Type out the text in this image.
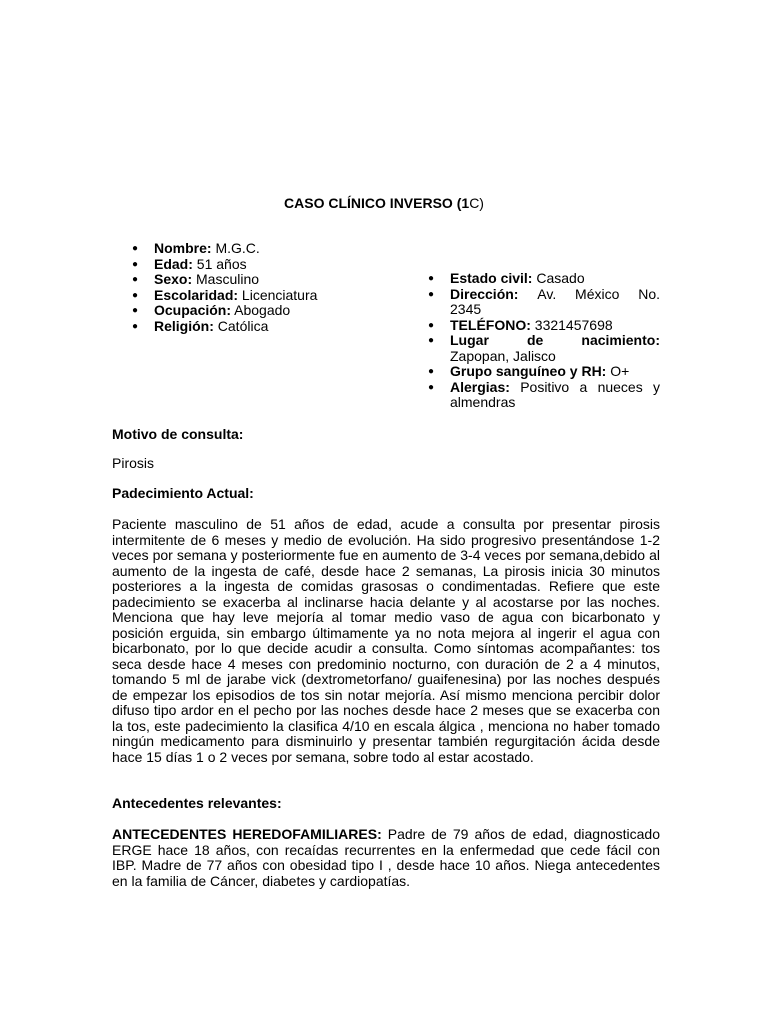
CASO CLÍNICO INVERSO (1C)
● Nombre: M.G.C.
● Edad: 51 años
● Sexo: Masculino
● Escolaridad: Licenciatura
● Ocupación: Abogado
● Religión: Católica
● Estado civil: Casado
● Dirección: Av. México No.
2345
● TELÉFONO: 3321457698
● Lugar	de	nacimiento:
Zapopan, Jalisco
● Grupo sanguíneo y RH: O+
● Alergias: Positivo a nueces y almendras
Motivo de consulta:
Pirosis
Padecimiento Actual:
Paciente masculino de 51 años de edad, acude a consulta por presentar pirosis intermitente de 6 meses y medio de evolución. Ha sido progresivo presentándose 1-2 veces por semana y posteriormente fue en aumento de 3-4 veces por semana,debido al aumento de la ingesta de café, desde hace 2 semanas, La pirosis inicia 30 minutos posteriores a la ingesta de comidas grasosas o condimentadas. Refiere que este padecimiento se exacerba al inclinarse hacia delante y al acostarse por las noches. Menciona que hay leve mejoría al tomar medio vaso de agua con bicarbonato y posición erguida, sin embargo últimamente ya no nota mejora al ingerir el agua con bicarbonato, por lo que decide acudir a consulta. Como síntomas acompañantes: tos seca desde hace 4 meses con predominio nocturno, con duración de 2 a 4 minutos, tomando 5 ml de jarabe vick (dextrometorfano/ guaifenesina) por las noches después de empezar los episodios de tos sin notar mejoría. Así mismo menciona percibir dolor difuso tipo ardor en el pecho por las noches desde hace 2 meses que se exacerba con la tos, este padecimiento la clasifica 4/10 en escala álgica , menciona no haber tomado ningún medicamento para disminuirlo y presentar también regurgitación ácida desde hace 15 días 1 o 2 veces por semana, sobre todo al estar acostado.
Antecedentes relevantes:
ANTECEDENTES HEREDOFAMILIARES: Padre de 79 años de edad, diagnosticado ERGE hace 18 años, con recaídas recurrentes en la enfermedad que cede fácil con IBP. Madre de 77 años con obesidad tipo I , desde hace 10 años. Niega antecedentes en la familia de Cáncer, diabetes y cardiopatías.
